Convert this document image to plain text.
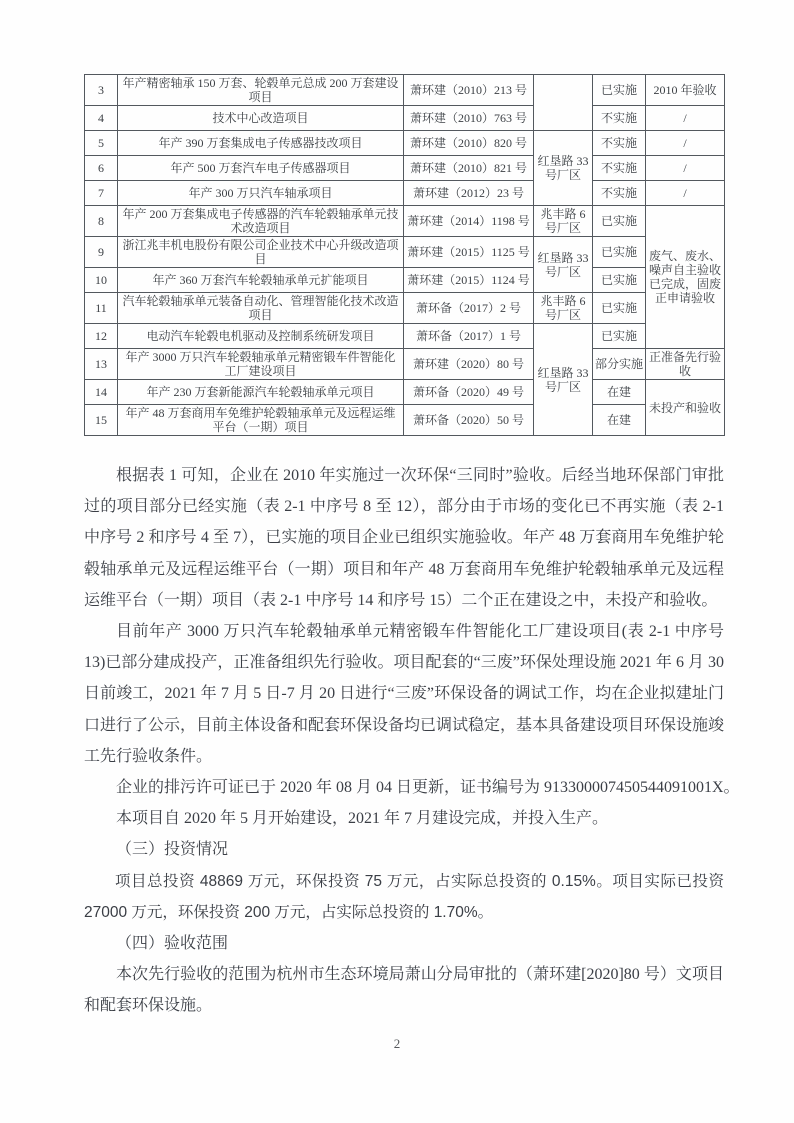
3	年产精密轴承 150 万套、轮毂单元总成 200 万套建设项目	萧环建（2010）213 号		已实施	2010 年验收
4	技术中心改造项目	萧环建（2010）763 号		不实施	/
5	年产 390 万套集成电子传感器技改项目	萧环建（2010）820 号	红垦路 33 号厂区	不实施	/
6	年产 500 万套汽车电子传感器项目	萧环建（2010）821 号		不实施	/
7	年产 300 万只汽车轴承项目	萧环建（2012）23 号		不实施	/
8	年产 200 万套集成电子传感器的汽车轮毂轴承单元技术改造项目	萧环建（2014）1198 号	兆丰路 6 号厂区	已实施	废气、废水、噪声自主验收已完成，固废正申请验收
9	浙江兆丰机电股份有限公司企业技术中心升级改造项目	萧环建（2015）1125 号	红垦路 33 号厂区	已实施	
10	年产 360 万套汽车轮毂轴承单元扩能项目	萧环建（2015）1124 号		已实施	
11	汽车轮毂轴承单元装备自动化、管理智能化技术改造项目	萧环备（2017）2 号	兆丰路 6 号厂区	已实施	
12	电动汽车轮毂电机驱动及控制系统研发项目	萧环备（2017）1 号	红垦路 33 号厂区	已实施	
13	年产 3000 万只汽车轮毂轴承单元精密锻车件智能化工厂建设项目	萧环建（2020）80 号		部分实施	正准备先行验收
14	年产 230 万套新能源汽车轮毂轴承单元项目	萧环备（2020）49 号		在建	未投产和验收
15	年产 48 万套商用车免维护轮毂轴承单元及远程运维平台（一期）项目	萧环备（2020）50 号		在建	

根据表 1 可知，企业在 2010 年实施过一次环保“三同时”验收。后经当地环保部门审批过的项目部分已经实施（表 2-1 中序号 8 至 12），部分由于市场的变化已不再实施（表 2-1 中序号 2 和序号 4 至 7），已实施的项目企业已组织实施验收。年产 48 万套商用车免维护轮毂轴承单元及远程运维平台（一期）项目和年产 48 万套商用车免维护轮毂轴承单元及远程运维平台（一期）项目（表 2-1 中序号 14 和序号 15）二个正在建设之中，未投产和验收。

目前年产 3000 万只汽车轮毂轴承单元精密锻车件智能化工厂建设项目(表 2-1 中序号 13)已部分建成投产，正准备组织先行验收。项目配套的“三废”环保处理设施 2021 年 6 月 30 日前竣工，2021 年 7 月 5 日-7 月 20 日进行“三废”环保设备的调试工作，均在企业拟建址门口进行了公示，目前主体设备和配套环保设备均已调试稳定，基本具备建设项目环保设施竣工先行验收条件。

企业的排污许可证已于 2020 年 08 月 04 日更新，证书编号为 913300007450544091001X。

本项目自 2020 年 5 月开始建设，2021 年 7 月建设完成，并投入生产。

（三）投资情况

项目总投资 48869 万元，环保投资 75 万元，占实际总投资的 0.15%。项目实际已投资 27000 万元，环保投资 200 万元，占实际总投资的 1.70%。

（四）验收范围

本次先行验收的范围为杭州市生态环境局萧山分局审批的（萧环建[2020]80 号）文项目和配套环保设施。

2
